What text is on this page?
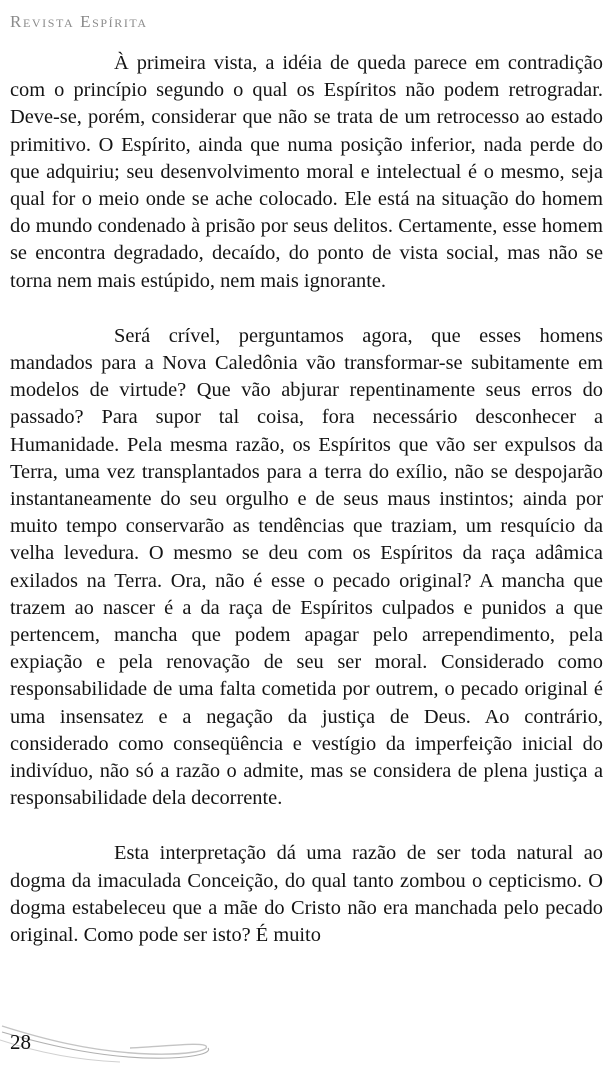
Revista Espírita

À primeira vista, a idéia de queda parece em contradição com o princípio segundo o qual os Espíritos não podem retrogradar. Deve-se, porém, considerar que não se trata de um retrocesso ao estado primitivo. O Espírito, ainda que numa posição inferior, nada perde do que adquiriu; seu desenvolvimento moral e intelectual é o mesmo, seja qual for o meio onde se ache colocado. Ele está na situação do homem do mundo condenado à prisão por seus delitos. Certamente, esse homem se encontra degradado, decaído, do ponto de vista social, mas não se torna nem mais estúpido, nem mais ignorante.

Será crível, perguntamos agora, que esses homens mandados para a Nova Caledônia vão transformar-se subitamente em modelos de virtude? Que vão abjurar repentinamente seus erros do passado? Para supor tal coisa, fora necessário desconhecer a Humanidade. Pela mesma razão, os Espíritos que vão ser expulsos da Terra, uma vez transplantados para a terra do exílio, não se despojarão instantaneamente do seu orgulho e de seus maus instintos; ainda por muito tempo conservarão as tendências que traziam, um resquício da velha levedura. O mesmo se deu com os Espíritos da raça adâmica exilados na Terra. Ora, não é esse o pecado original? A mancha que trazem ao nascer é a da raça de Espíritos culpados e punidos a que pertencem, mancha que podem apagar pelo arrependimento, pela expiação e pela renovação de seu ser moral. Considerado como responsabilidade de uma falta cometida por outrem, o pecado original é uma insensatez e a negação da justiça de Deus. Ao contrário, considerado como conseqüência e vestígio da imperfeição inicial do indivíduo, não só a razão o admite, mas se considera de plena justiça a responsabilidade dela decorrente.

Esta interpretação dá uma razão de ser toda natural ao dogma da imaculada Conceição, do qual tanto zombou o cepticismo. O dogma estabeleceu que a mãe do Cristo não era manchada pelo pecado original. Como pode ser isto? É muito

28
